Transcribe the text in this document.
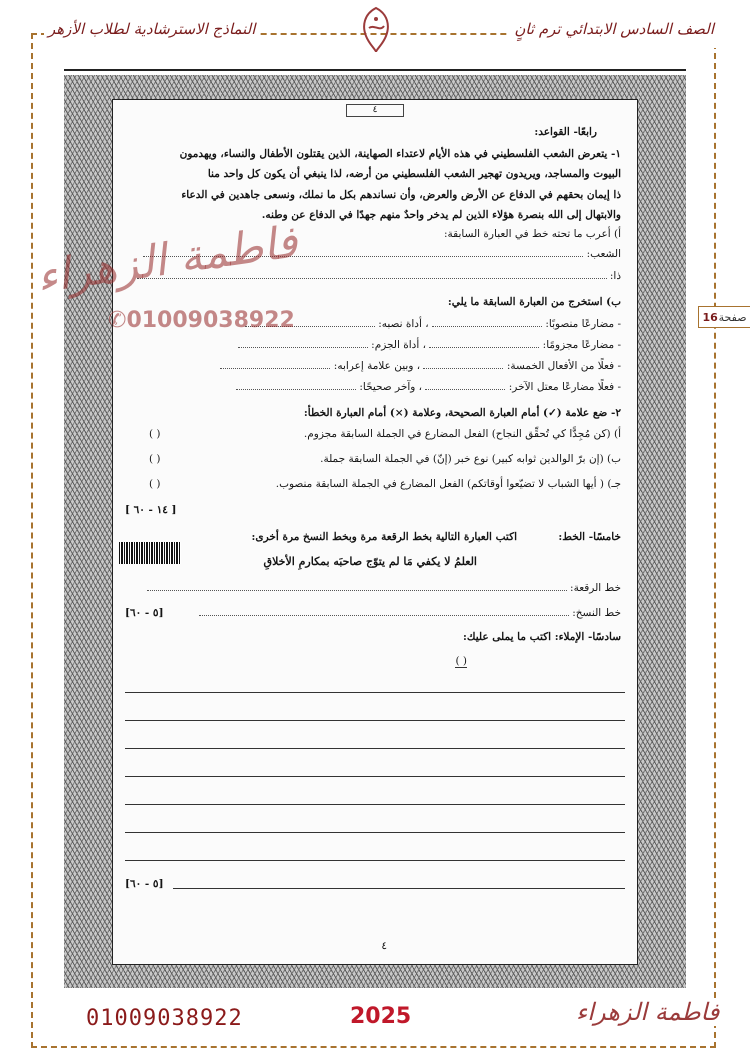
الصف السادس الابتدائي ترم ثانٍ
النماذج الاسترشادية لطلاب الأزهر
صفحة
16
٤
رابعًا- القواعد:
١- يتعرض الشعب الفلسطيني في هذه الأيام لاعتداء الصهاينة، الذين يقتلون الأطفال والنساء، ويهدمون
البيوت والمساجد، ويريدون تهجير الشعب الفلسطيني من أرضه، لذا ينبغي أن يكون كل واحد منا
ذا إيمان بحقهم في الدفاع عن الأرض والعرض، وأن نساندهم بكل ما نملك، ونسعى جاهدين في الدعاء
والابتهال إلى الله بنصرة هؤلاء الذين لم يدخر واحدٌ منهم جهدًا في الدفاع عن وطنه.
أ) أعرب ما تحته خط في العبارة السابقة:
الشعب:
ذا:
ب) استخرج من العبارة السابقة ما يلي:
- مضارعًا منصوبًا:  ، أداة نصبه:
- مضارعًا مجزومًا:  ، أداة الجزم:
- فعلًا من الأفعال الخمسة:  ، وبين علامة إعرابه:
- فعلًا مضارعًا معتل الآخر:  ، وآخر صحيحًا:
٢- ضع علامة (✓) أمام العبارة الصحيحة، وعلامة (×) أمام العبارة الخطأ:
أ) (كن مُجِدًّا كي تُحقِّق النجاح) الفعل المضارع في الجملة السابقة مجزوم.
( )
ب) (إن برّ الوالدين ثوابه كبير) نوع خبر (إنّ) في الجملة السابقة جملة.
( )
جـ) ( أيها الشباب لا تضيّعوا أوقاتكم) الفعل المضارع في الجملة السابقة منصوب.
( )
[ ١٤ - ٦٠ ]
خامسًا- الخط:
اكتب العبارة التالية بخط الرقعة مرة وبخط النسخ مرة أخرى:
العلمُ لا يكفي مَا لم يتوّج صاحبَه بمكارمِ الأخلاقِ
خط الرقعة:
خط النسخ:
[٥ - ٦٠]
سادسًا- الإملاء: اكتب ما يملى عليك:
( )
[٥ - ٦٠]
٤
فاطمة الزهراء
✆01009038922
01009038922	2025	فاطمة الزهراء
